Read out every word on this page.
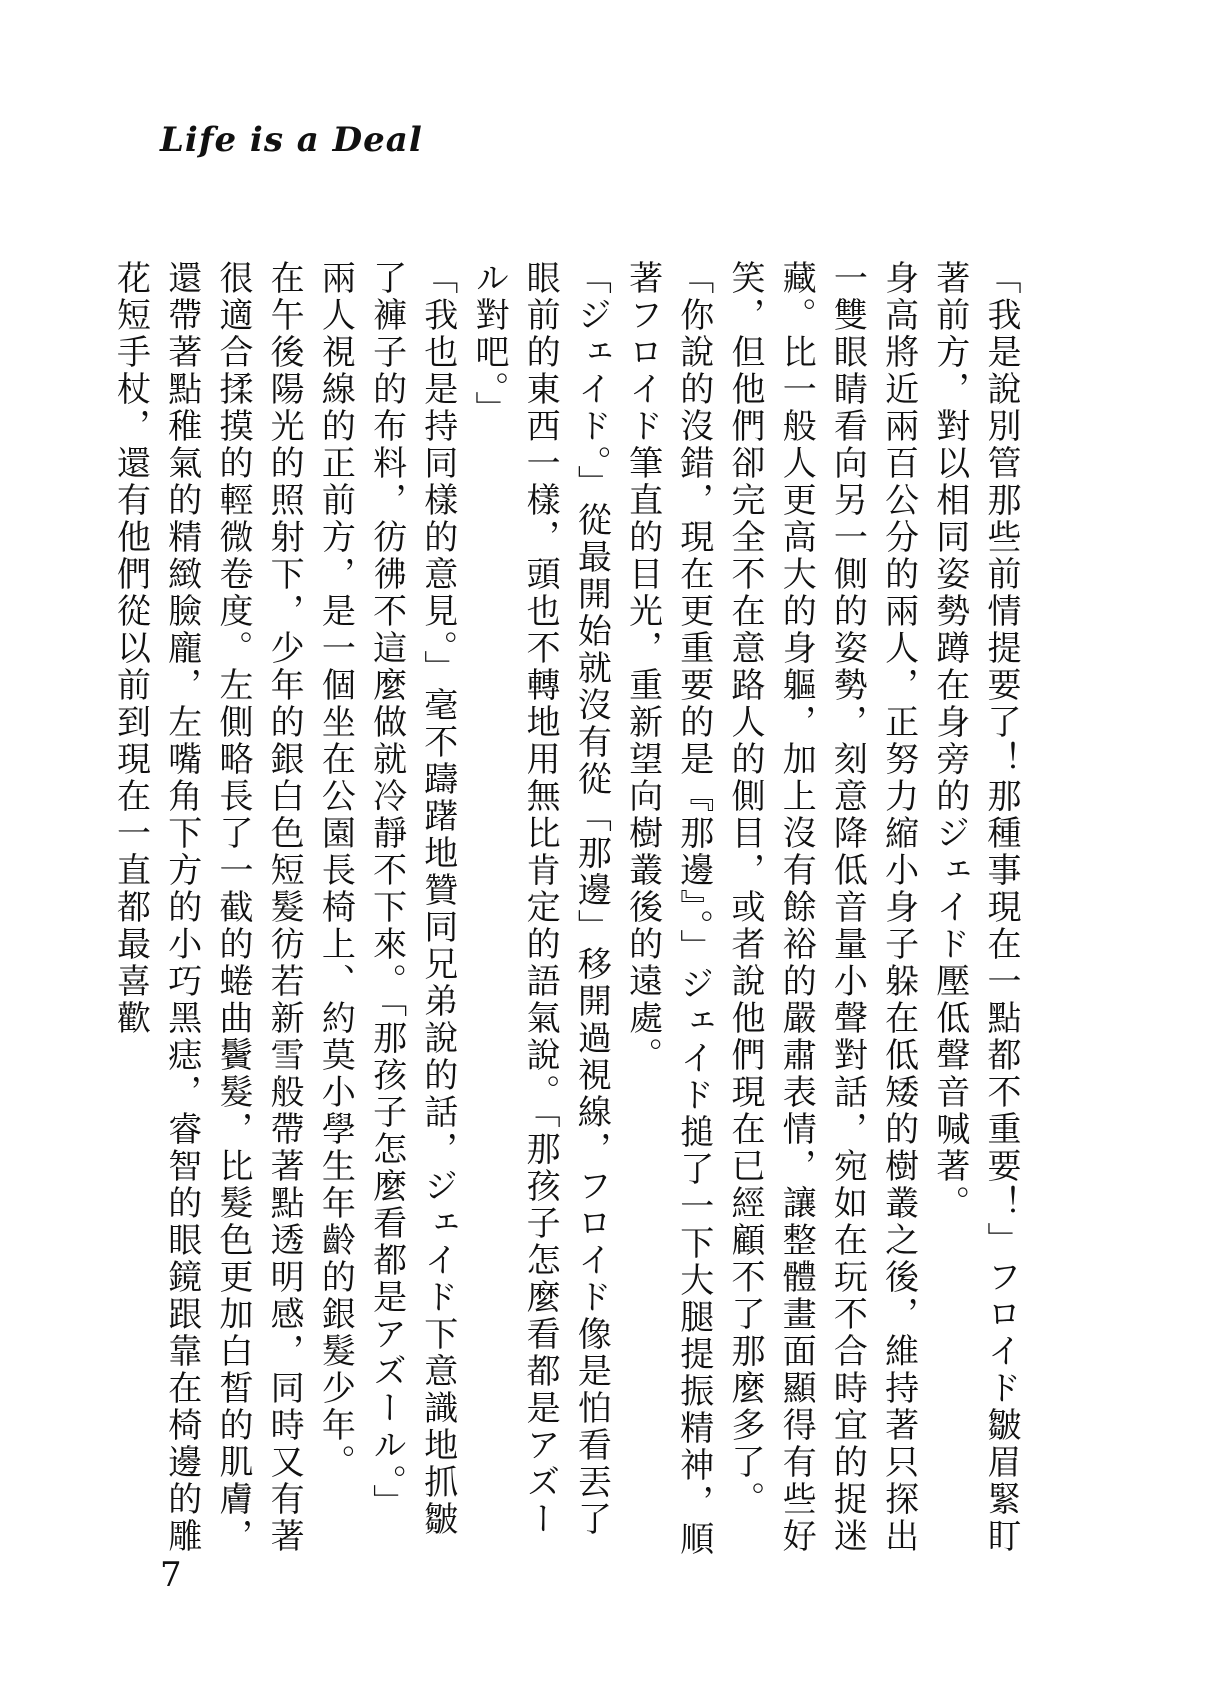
Life is a Deal

「我是說別管那些前情提要了！那種事現在一點都不重要！」フロイド皺眉緊盯著前方，對以相同姿勢蹲在身旁的ジェイド壓低聲音喊著。

身高將近兩百公分的兩人，正努力縮小身子躲在低矮的樹叢之後，維持著只探出一雙眼睛看向另一側的姿勢，刻意降低音量小聲對話，宛如在玩不合時宜的捉迷藏。比一般人更高大的身軀，加上沒有餘裕的嚴肅表情，讓整體畫面顯得有些好笑，但他們卻完全不在意路人的側目，或者說他們現在已經顧不了那麼多了。

「你說的沒錯，現在更重要的是『那邊』。」ジェイド搥了一下大腿提振精神，順著フロイド筆直的目光，重新望向樹叢後的遠處。

「ジェイド。」從最開始就沒有從「那邊」移開過視線，フロイド像是怕看丟了眼前的東西一樣，頭也不轉地用無比肯定的語氣說。「那孩子怎麼看都是アズール對吧。」

「我也是持同樣的意見。」毫不躊躇地贊同兄弟說的話，ジェイド下意識地抓皺了褲子的布料，彷彿不這麼做就冷靜不下來。「那孩子怎麼看都是アズール。」

兩人視線的正前方，是一個坐在公園長椅上、約莫小學生年齡的銀髮少年。

在午後陽光的照射下，少年的銀白色短髮彷若新雪般帶著點透明感，同時又有著很適合揉摸的輕微卷度。左側略長了一截的蜷曲鬢髮，比髮色更加白皙的肌膚，還帶著點稚氣的精緻臉龐，左嘴角下方的小巧黑痣，睿智的眼鏡跟靠在椅邊的雕花短手杖，還有他們從以前到現在一直都最喜歡

7
